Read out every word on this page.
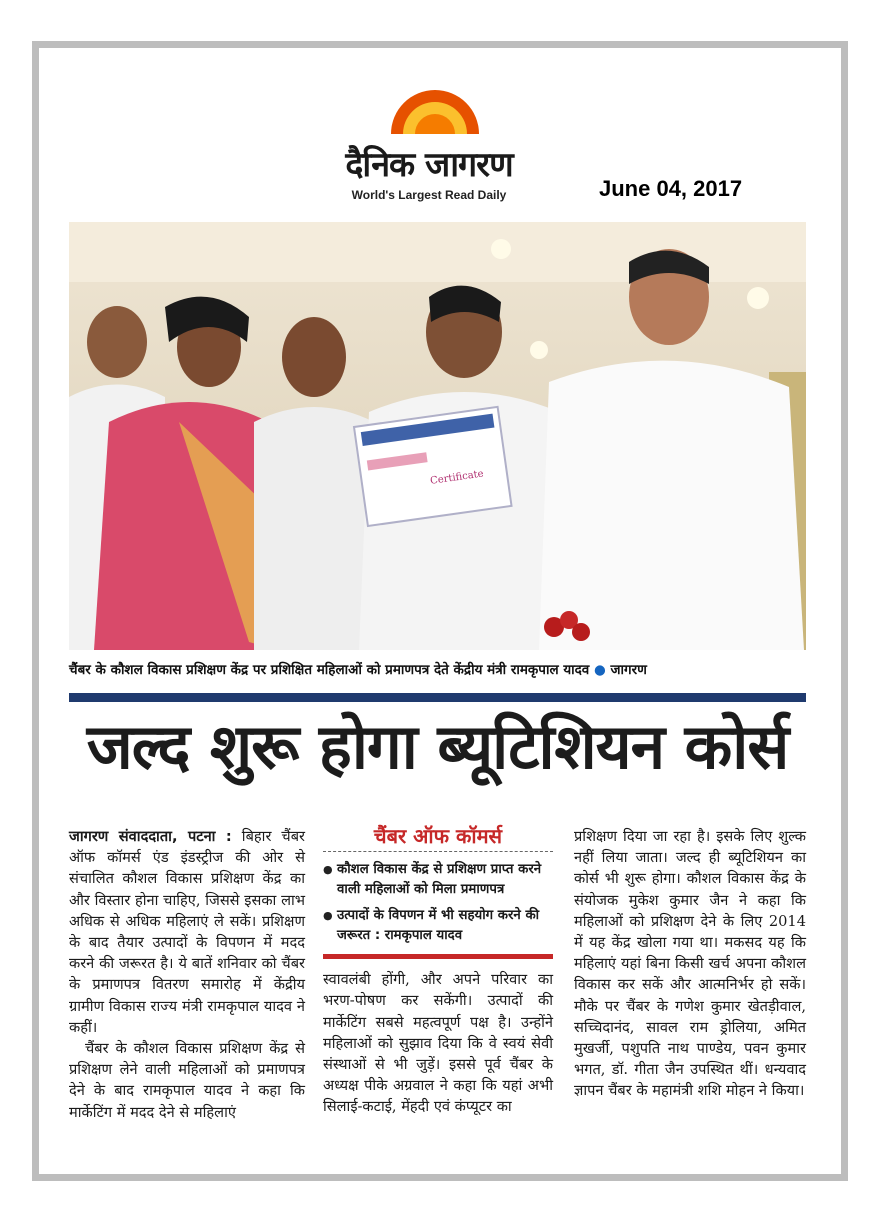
दैनिक जागरण
World's Largest Read Daily	June 04, 2017
Certificate
चैंबर के कौशल विकास प्रशिक्षण केंद्र पर प्रशिक्षित महिलाओं को प्रमाणपत्र देते केंद्रीय मंत्री रामकृपाल यादव ● जागरण
जल्द शुरू होगा ब्यूटिशियन कोर्स

जागरण संवाददाता, पटना : बिहार चैंबर ऑफ कॉमर्स एंड इंडस्ट्रीज की ओर से संचालित कौशल विकास प्रशिक्षण केंद्र का और विस्तार होना चाहिए, जिससे इसका लाभ अधिक से अधिक महिलाएं ले सकें। प्रशिक्षण के बाद तैयार उत्पादों के विपणन में मदद करने की जरूरत है। ये बातें शनिवार को चैंबर के प्रमाणपत्र वितरण समारोह में केंद्रीय ग्रामीण विकास राज्य मंत्री रामकृपाल यादव ने कहीं।

चैंबर के कौशल विकास प्रशिक्षण केंद्र से प्रशिक्षण लेने वाली महिलाओं को प्रमाणपत्र देने के बाद रामकृपाल यादव ने कहा कि मार्केटिंग में मदद देने से महिलाएं

चैंबर ऑफ कॉमर्स
● कौशल विकास केंद्र से प्रशिक्षण प्राप्त करने वाली महिलाओं को मिला प्रमाणपत्र
● उत्पादों के विपणन में भी सहयोग करने की जरूरत : रामकृपाल यादव

स्वावलंबी होंगी, और अपने परिवार का भरण-पोषण कर सकेंगी। उत्पादों की मार्केटिंग सबसे महत्वपूर्ण पक्ष है। उन्होंने महिलाओं को सुझाव दिया कि वे स्वयं सेवी संस्थाओं से भी जुड़ें। इससे पूर्व चैंबर के अध्यक्ष पीके अग्रवाल ने कहा कि यहां अभी सिलाई-कटाई, मेंहदी एवं कंप्यूटर का

प्रशिक्षण दिया जा रहा है। इसके लिए शुल्क नहीं लिया जाता। जल्द ही ब्यूटिशियन का कोर्स भी शुरू होगा। कौशल विकास केंद्र के संयोजक मुकेश कुमार जैन ने कहा कि महिलाओं को प्रशिक्षण देने के लिए 2014 में यह केंद्र खोला गया था। मकसद यह कि महिलाएं यहां बिना किसी खर्च अपना कौशल विकास कर सकें और आत्मनिर्भर हो सकें। मौके पर चैंबर के गणेश कुमार खेतड़ीवाल, सच्चिदानंद, सावल राम ड्रोलिया, अमित मुखर्जी, पशुपति नाथ पाण्डेय, पवन कुमार भगत, डॉ. गीता जैन उपस्थित थीं। धन्यवाद ज्ञापन चैंबर के महामंत्री शशि मोहन ने किया।
